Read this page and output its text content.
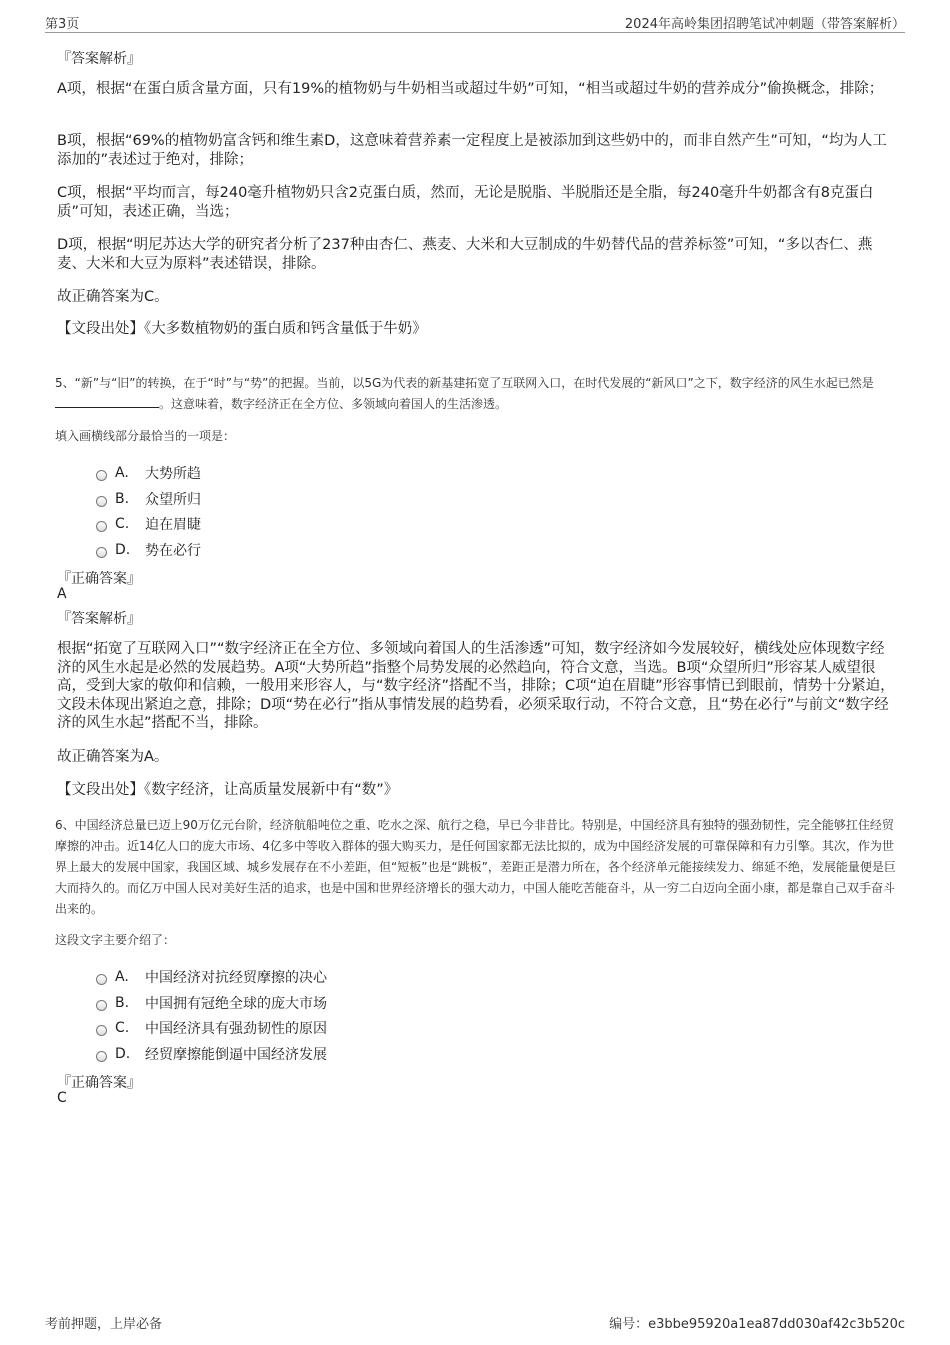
第3页	2024年高岭集团招聘笔试冲刺题（带答案解析）
『答案解析』
A项，根据“在蛋白质含量方面，只有19%的植物奶与牛奶相当或超过牛奶”可知，“相当或超过牛奶的营养成分”偷换概念，排除；
B项，根据“69%的植物奶富含钙和维生素D，这意味着营养素一定程度上是被添加到这些奶中的，而非自然产生”可知，“均为人工添加的”表述过于绝对，排除；
C项，根据“平均而言，每240毫升植物奶只含2克蛋白质，然而，无论是脱脂、半脱脂还是全脂，每240毫升牛奶都含有8克蛋白质”可知，表述正确，当选；
D项，根据“明尼苏达大学的研究者分析了237种由杏仁、燕麦、大米和大豆制成的牛奶替代品的营养标签”可知，“多以杏仁、燕麦、大米和大豆为原料”表述错误，排除。
故正确答案为C。
【文段出处】《大多数植物奶的蛋白质和钙含量低于牛奶》
5、“新”与“旧”的转换，在于“时”与“势”的把握。当前，以5G为代表的新基建拓宽了互联网入口，在时代发展的“新风口”之下，数字经济的风生水起已然是 。这意味着，数字经济正在全方位、多领域向着国人的生活渗透。
填入画横线部分最恰当的一项是：
A.	大势所趋
B.	众望所归
C.	迫在眉睫
D.	势在必行
『正确答案』
A
『答案解析』
根据“拓宽了互联网入口”“数字经济正在全方位、多领域向着国人的生活渗透”可知，数字经济如今发展较好，横线处应体现数字经济的风生水起是必然的发展趋势。A项“大势所趋”指整个局势发展的必然趋向，符合文意，当选。B项“众望所归”形容某人威望很高，受到大家的敬仰和信赖，一般用来形容人，与“数字经济”搭配不当，排除；C项“迫在眉睫”形容事情已到眼前，情势十分紧迫，文段未体现出紧迫之意，排除；D项“势在必行”指从事情发展的趋势看，必须采取行动，不符合文意，且“势在必行”与前文“数字经济的风生水起”搭配不当，排除。
故正确答案为A。
【文段出处】《数字经济，让高质量发展新中有“数”》
6、中国经济总量已迈上90万亿元台阶，经济航船吨位之重、吃水之深、航行之稳，早已今非昔比。特别是，中国经济具有独特的强劲韧性，完全能够扛住经贸摩擦的冲击。近14亿人口的庞大市场、4亿多中等收入群体的强大购买力，是任何国家都无法比拟的，成为中国经济发展的可靠保障和有力引擎。其次，作为世界上最大的发展中国家，我国区域、城乡发展存在不小差距，但“短板”也是“跳板”，差距正是潜力所在，各个经济单元能接续发力、绵延不绝，发展能量便是巨大而持久的。而亿万中国人民对美好生活的追求，也是中国和世界经济增长的强大动力，中国人能吃苦能奋斗，从一穷二白迈向全面小康，都是靠自己双手奋斗出来的。
这段文字主要介绍了：
A.	中国经济对抗经贸摩擦的决心
B.	中国拥有冠绝全球的庞大市场
C.	中国经济具有强劲韧性的原因
D.	经贸摩擦能倒逼中国经济发展
『正确答案』
C
考前押题，上岸必备	编号：e3bbe95920a1ea87dd030af42c3b520c
